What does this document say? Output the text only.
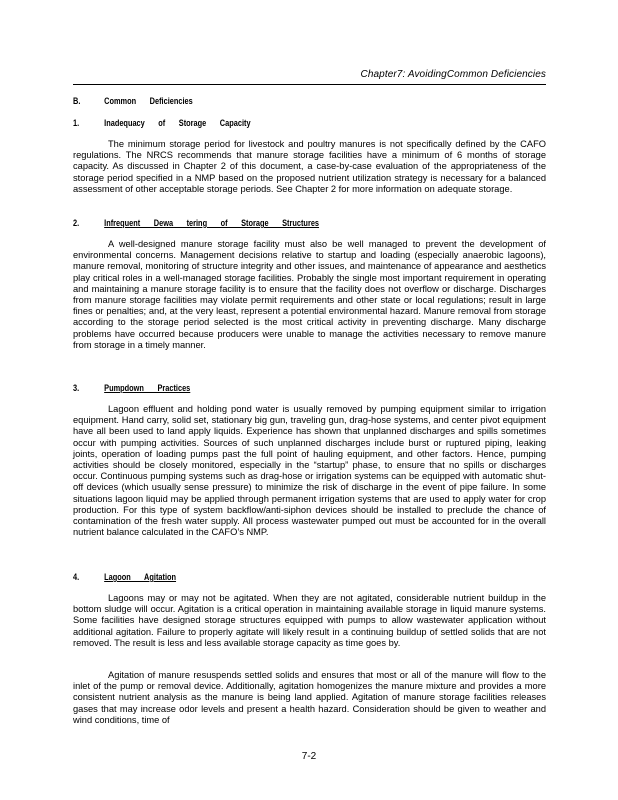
Chapter7: AvoidingCommon Deficiencies
B.	Common Deficiencies
1.	Inadequacy of Storage Capacity
The minimum storage period for livestock and poultry manures is not specifically defined by the CAFO regulations. The NRCS recommends that manure storage facilities have a minimum of 6 months of storage capacity. As discussed in Chapter 2 of this document, a case-by-case evaluation of the appropriateness of the storage period specified in a NMP based on the proposed nutrient utilization strategy is necessary for a balanced assessment of other acceptable storage periods. See Chapter 2 for more information on adequate storage.
2.	Infrequent Dewa tering of Storage Structures
A well-designed manure storage facility must also be well managed to prevent the development of environmental concerns. Management decisions relative to startup and loading (especially anaerobic lagoons), manure removal, monitoring of structure integrity and other issues, and maintenance of appearance and aesthetics play critical roles in a well-managed storage facilities. Probably the single most important requirement in operating and maintaining a manure storage facility is to ensure that the facility does not overflow or discharge. Discharges from manure storage facilities may violate permit requirements and other state or local regulations; result in large fines or penalties; and, at the very least, represent a potential environmental hazard. Manure removal from storage according to the storage period selected is the most critical activity in preventing discharge. Many discharge problems have occurred because producers were unable to manage the activities necessary to remove manure from storage in a timely manner.
3.	Pumpdown Practices
Lagoon effluent and holding pond water is usually removed by pumping equipment similar to irrigation equipment. Hand carry, solid set, stationary big gun, traveling gun, drag-hose systems, and center pivot equipment have all been used to land apply liquids. Experience has shown that unplanned discharges and spills sometimes occur with pumping activities. Sources of such unplanned discharges include burst or ruptured piping, leaking joints, operation of loading pumps past the full point of hauling equipment, and other factors. Hence, pumping activities should be closely monitored, especially in the “startup” phase, to ensure that no spills or discharges occur. Continuous pumping systems such as drag-hose or irrigation systems can be equipped with automatic shut-off devices (which usually sense pressure) to minimize the risk of discharge in the event of pipe failure. In some situations lagoon liquid may be applied through permanent irrigation systems that are used to apply water for crop production. For this type of system backflow/anti-siphon devices should be installed to preclude the chance of contamination of the fresh water supply. All process wastewater pumped out must be accounted for in the overall nutrient balance calculated in the CAFO’s NMP.
4.	Lagoon Agitation
Lagoons may or may not be agitated. When they are not agitated, considerable nutrient buildup in the bottom sludge will occur. Agitation is a critical operation in maintaining available storage in liquid manure systems. Some facilities have designed storage structures equipped with pumps to allow wastewater application without additional agitation. Failure to properly agitate will likely result in a continuing buildup of settled solids that are not removed. The result is less and less available storage capacity as time goes by.
Agitation of manure resuspends settled solids and ensures that most or all of the manure will flow to the inlet of the pump or removal device. Additionally, agitation homogenizes the manure mixture and provides a more consistent nutrient analysis as the manure is being land applied. Agitation of manure storage facilities releases gases that may increase odor levels and present a health hazard. Consideration should be given to weather and wind conditions, time of
7-2
